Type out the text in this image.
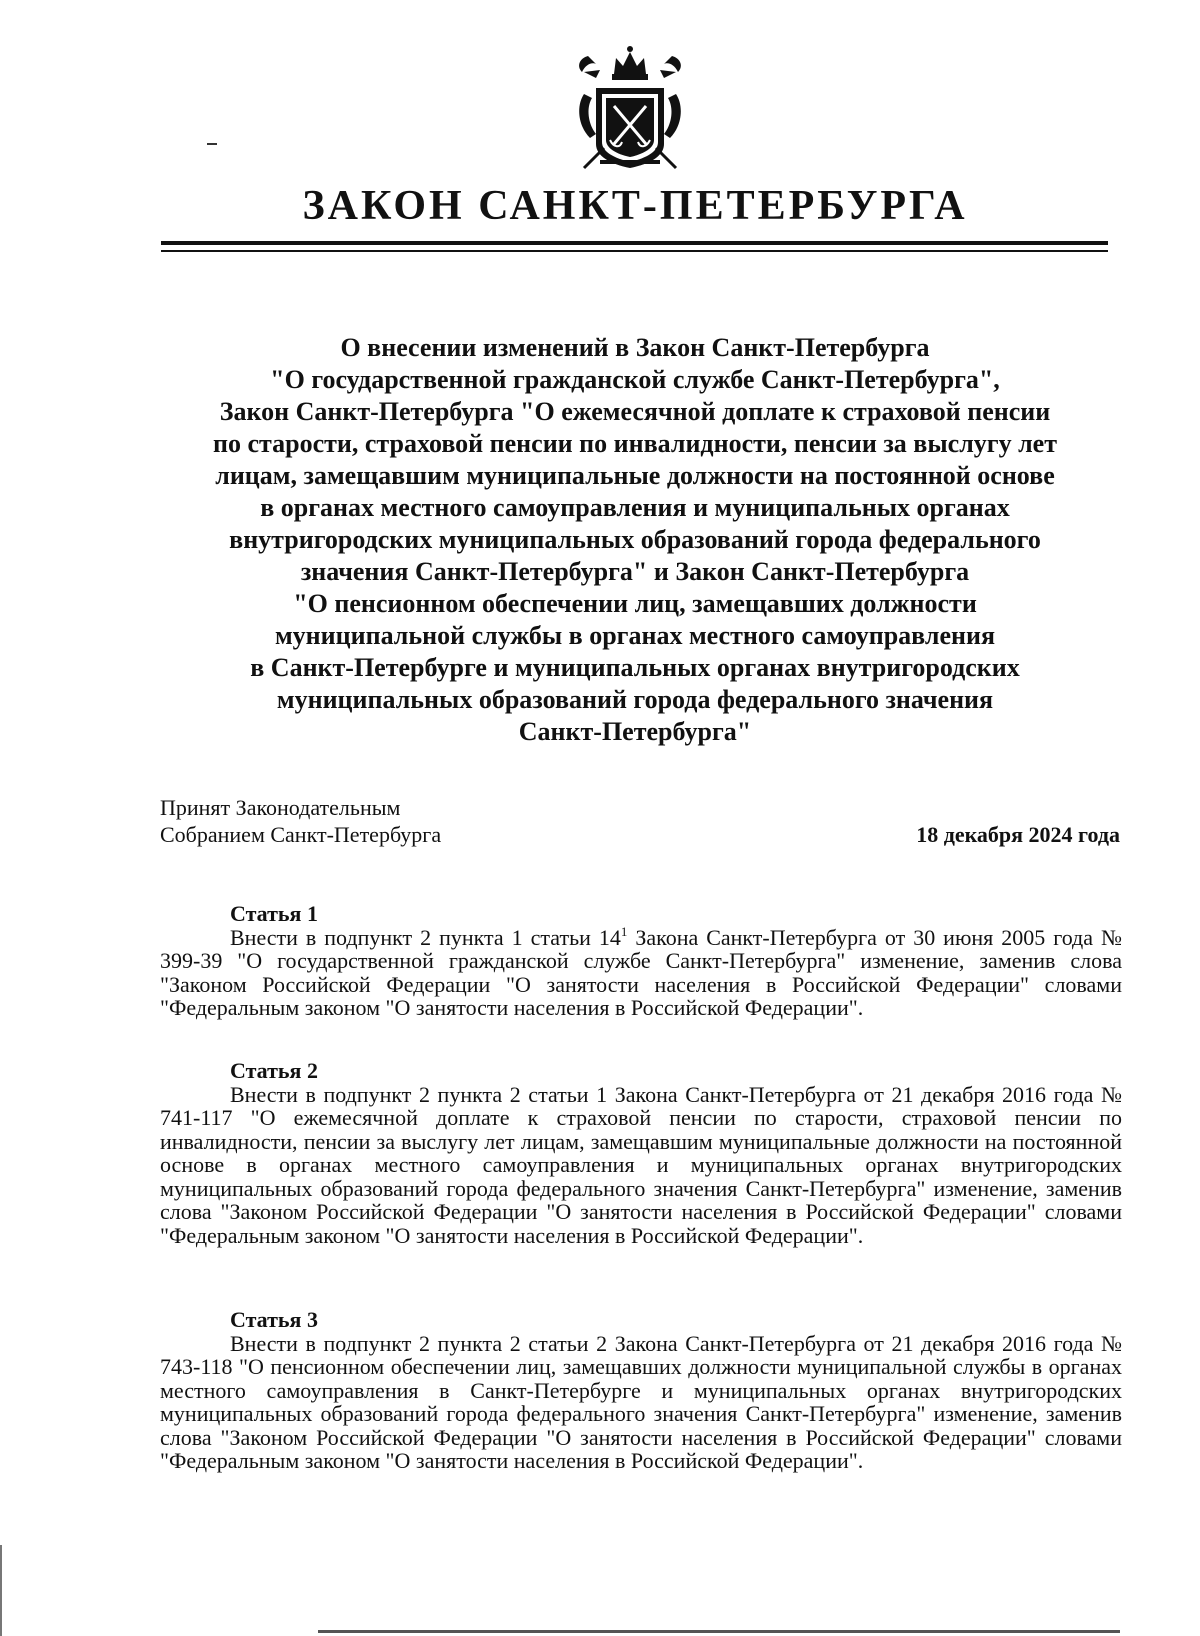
ЗАКОН САНКТ-ПЕТЕРБУРГА
О внесении изменений в Закон Санкт-Петербурга
"О государственной гражданской службе Санкт-Петербурга",
Закон Санкт-Петербурга "О ежемесячной доплате к страховой пенсии
по старости, страховой пенсии по инвалидности, пенсии за выслугу лет
лицам, замещавшим муниципальные должности на постоянной основе
в органах местного самоуправления и муниципальных органах
внутригородских муниципальных образований города федерального
значения Санкт-Петербурга" и Закон Санкт-Петербурга
"О пенсионном обеспечении лиц, замещавших должности
муниципальной службы в органах местного самоуправления
в Санкт-Петербурге и муниципальных органах внутригородских
муниципальных образований города федерального значения
Санкт-Петербурга"
Принят Законодательным
Собранием Санкт-Петербурга	18 декабря 2024 года
Статья 1

Внести в подпункт 2 пункта 1 статьи $14^1$ Закона Санкт-Петербурга от 30 июня 2005 года № 399-39 "О государственной гражданской службе Санкт-Петербурга" изменение, заменив слова "Законом Российской Федерации "О занятости населения в Российской Федерации" словами "Федеральным законом "О занятости населения в Российской Федерации".

Статья 2

Внести в подпункт 2 пункта 2 статьи 1 Закона Санкт-Петербурга от 21 декабря 2016 года № 741-117 "О ежемесячной доплате к страховой пенсии по старости, страховой пенсии по инвалидности, пенсии за выслугу лет лицам, замещавшим муниципальные должности на постоянной основе в органах местного самоуправления и муниципальных органах внутригородских муниципальных образований города федерального значения Санкт-Петербурга" изменение, заменив слова "Законом Российской Федерации "О занятости населения в Российской Федерации" словами "Федеральным законом "О занятости населения в Российской Федерации".

Статья 3

Внести в подпункт 2 пункта 2 статьи 2 Закона Санкт-Петербурга от 21 декабря 2016 года № 743-118 "О пенсионном обеспечении лиц, замещавших должности муниципальной службы в органах местного самоуправления в Санкт-Петербурге и муниципальных органах внутригородских муниципальных образований города федерального значения Санкт-Петербурга" изменение, заменив слова "Законом Российской Федерации "О занятости населения в Российской Федерации" словами "Федеральным законом "О занятости населения в Российской Федерации".
